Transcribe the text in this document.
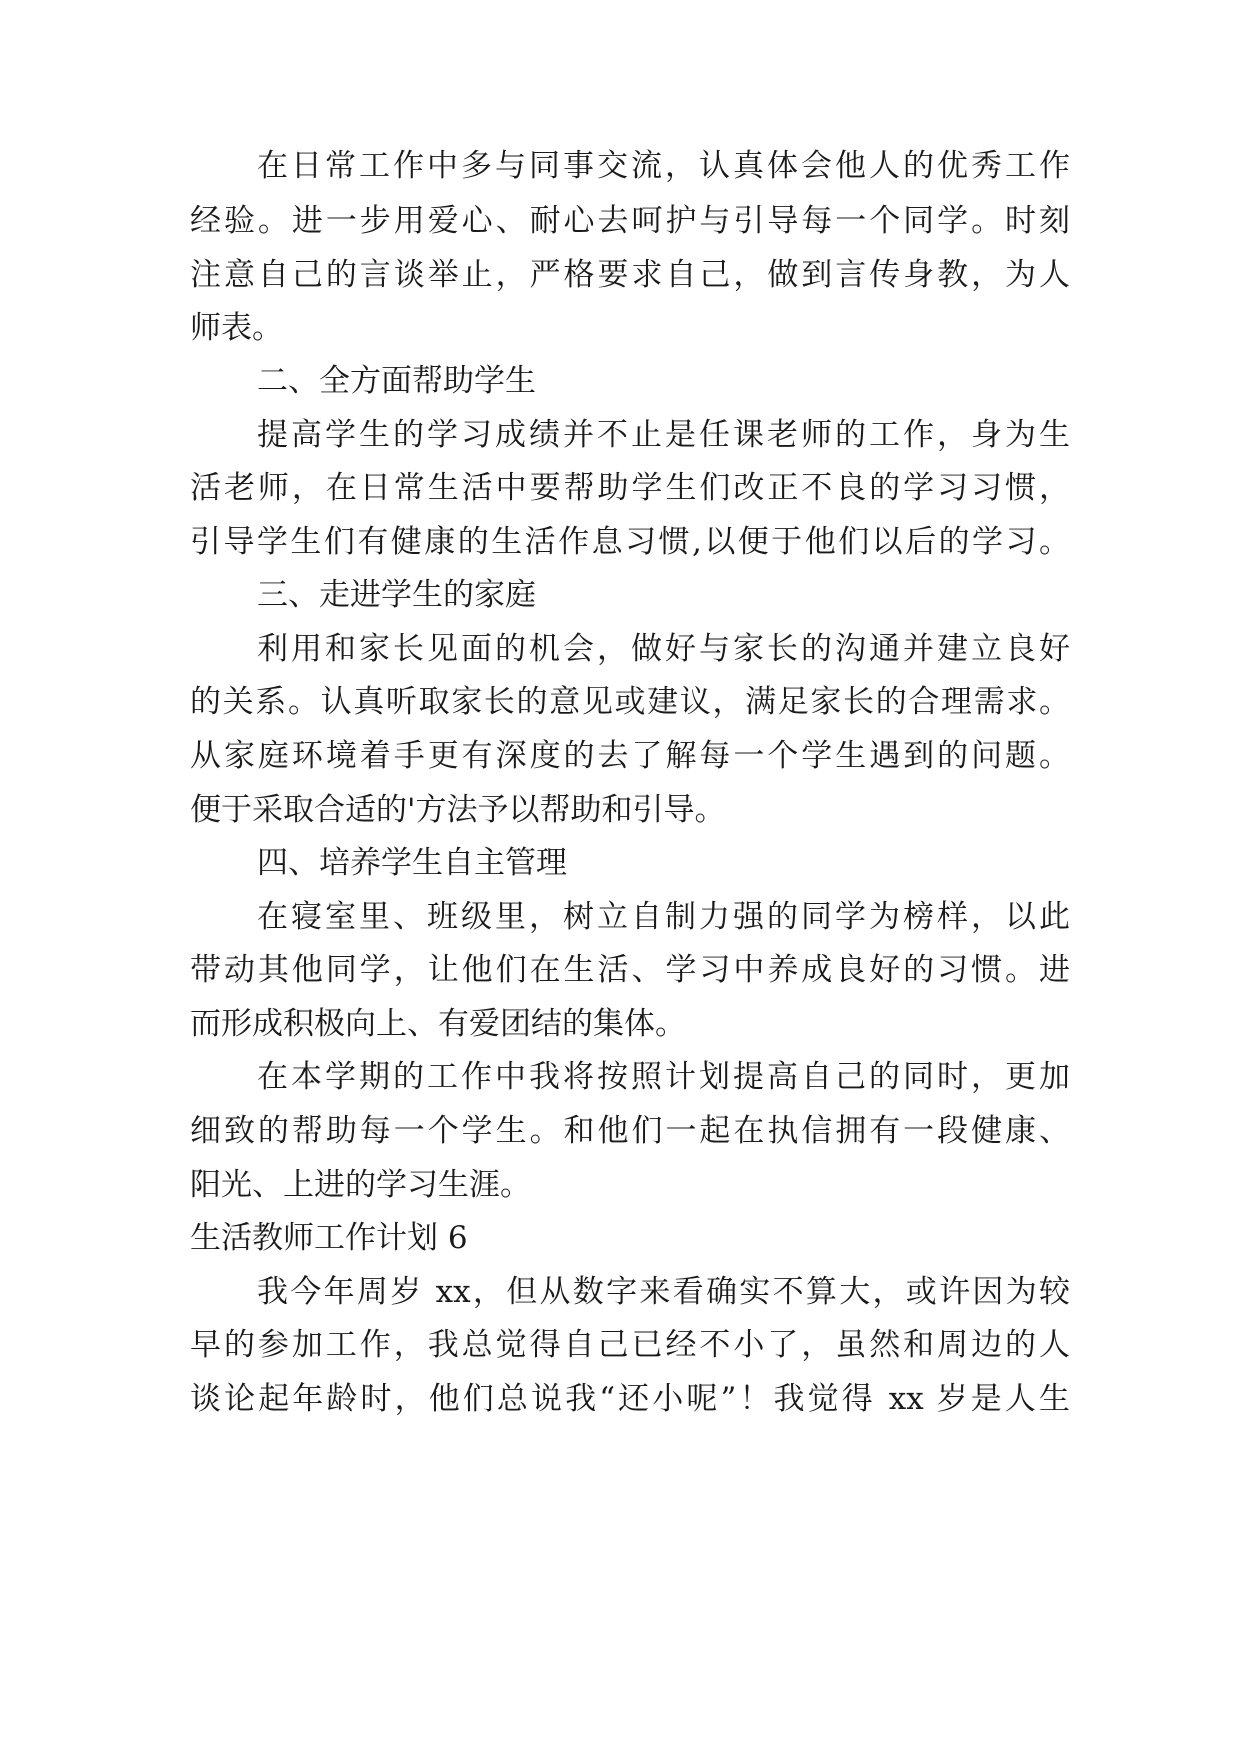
在日常工作中多与同事交流，认真体会他人的优秀工作
经验。进一步用爱心、耐心去呵护与引导每一个同学。时刻
注意自己的言谈举止，严格要求自己，做到言传身教，为人
师表。
二、全方面帮助学生
提高学生的学习成绩并不止是任课老师的工作，身为生
活老师，在日常生活中要帮助学生们改正不良的学习习惯，
引导学生们有健康的生活作息习惯,以便于他们以后的学习。
三、走进学生的家庭
利用和家长见面的机会，做好与家长的沟通并建立良好
的关系。认真听取家长的意见或建议，满足家长的合理需求。
从家庭环境着手更有深度的去了解每一个学生遇到的问题。
便于采取合适的'方法予以帮助和引导。
四、培养学生自主管理
在寝室里、班级里，树立自制力强的同学为榜样，以此
带动其他同学，让他们在生活、学习中养成良好的习惯。进
而形成积极向上、有爱团结的集体。
在本学期的工作中我将按照计划提高自己的同时，更加
细致的帮助每一个学生。和他们一起在执信拥有一段健康、
阳光、上进的学习生涯。
生活教师工作计划 6
我今年周岁 xx，但从数字来看确实不算大，或许因为较
早的参加工作，我总觉得自己已经不小了，虽然和周边的人
谈论起年龄时，他们总说我“还小呢”！我觉得 xx 岁是人生
